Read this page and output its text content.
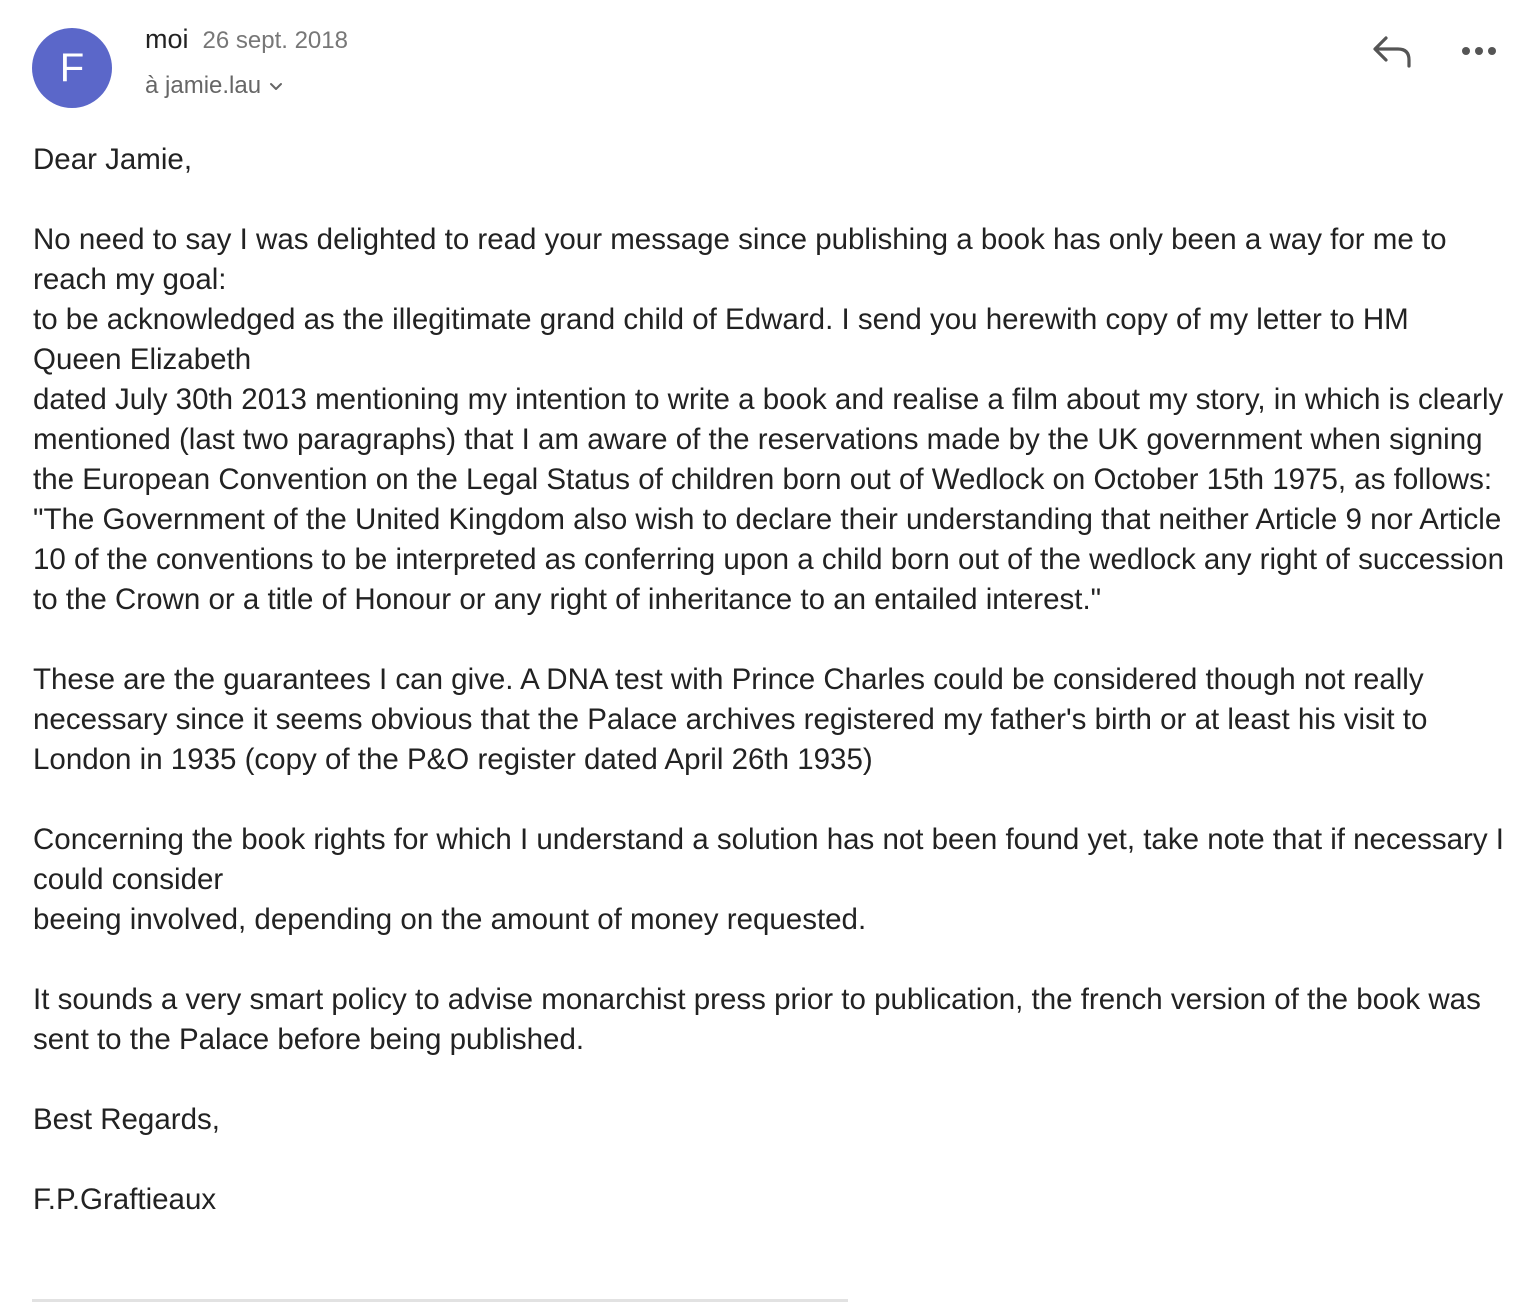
F
moi 26 sept. 2018
à jamie.lau

Dear Jamie,

No need to say I was delighted to read your message since publishing a book has only been a way for me to reach my goal:

to be acknowledged as the illegitimate grand child of Edward. I send you herewith copy of my letter to HM Queen Elizabeth

dated July 30th 2013 mentioning my intention to write a book and realise a film about my story, in which is clearly mentioned (last two paragraphs) that I am aware of the reservations made by the UK government when signing the European Convention on the Legal Status of children born out of Wedlock on October 15th 1975, as follows:

"The Government of the United Kingdom also wish to declare their understanding that neither Article 9 nor Article 10 of the conventions to be interpreted as conferring upon a child born out of the wedlock any right of succession to the Crown or a title of Honour or any right of inheritance to an entailed interest."

These are the guarantees I can give. A DNA test with Prince Charles could be considered though not really necessary since it seems obvious that the Palace archives registered my father's birth or at least his visit to London in 1935 (copy of the P&O register dated April 26th 1935)

Concerning the book rights for which I understand a solution has not been found yet, take note that if necessary I could consider

beeing involved, depending on the amount of money requested.

It sounds a very smart policy to advise monarchist press prior to publication, the french version of the book was sent to the Palace before being published.

Best Regards,

F.P.Graftieaux
